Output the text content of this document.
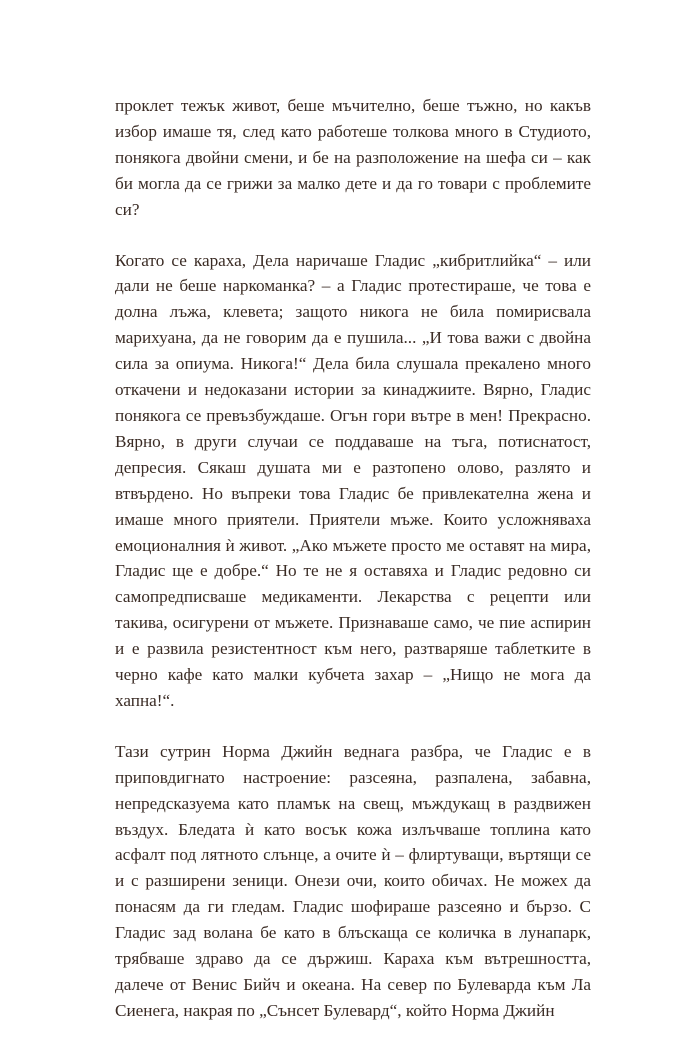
проклет тежък живот, беше мъчително, беше тъжно, но какъв избор имаше тя, след като работеше толкова много в Студиото, понякога двойни смени, и бе на разположение на шефа си – как би могла да се грижи за малко дете и да го товари с проблемите си?

Когато се караха, Дела наричаше Гладис „кибритлийка“ – или дали не беше наркоманка? – а Гладис протестираше, че това е долна лъжа, клевета; защото никога не била помирисвала марихуана, да не говорим да е пушила... „И това важи с двойна сила за опиума. Никога!“ Дела била слушала прекалено много откачени и недоказани истории за кинаджиите. Вярно, Гладис понякога се превъзбуждаше. Огън гори вътре в мен! Прекрасно. Вярно, в други случаи се поддаваше на тъга, потиснатост, депресия. Сякаш душата ми е разтопено олово, разлято и втвърдено. Но въпреки това Гладис бе привлекателна жена и имаше много приятели. Приятели мъже. Които усложняваха емоционалния ѝ живот. „Ако мъжете просто ме оставят на мира, Гладис ще е добре.“ Но те не я оставяха и Гладис редовно си самопредписваше медикаменти. Лекарства с рецепти или такива, осигурени от мъжете. Признаваше само, че пие аспирин и е развила резистентност към него, разтваряше таблетките в черно кафе като малки кубчета захар – „Нищо не мога да хапна!“.

Тази сутрин Норма Джийн веднага разбра, че Гладис е в приповдигнато настроение: разсеяна, разпалена, забавна, непредсказуема като пламък на свещ, мъждукащ в раздвижен въздух. Бледата ѝ като восък кожа излъчваше топлина като асфалт под лятното слънце, а очите ѝ – флиртуващи, въртящи се и с разширени зеници. Онези очи, които обичах. Не можех да понасям да ги гледам. Гладис шофираше разсеяно и бързо. С Гладис зад волана бе като в блъскаща се количка в лунапарк, трябваше здраво да се държиш. Караха към вътрешността, далече от Венис Бийч и океана. На север по Булеварда към Ла Сиенега, накрая по „Сънсет Булевард“, който Норма Джийн
